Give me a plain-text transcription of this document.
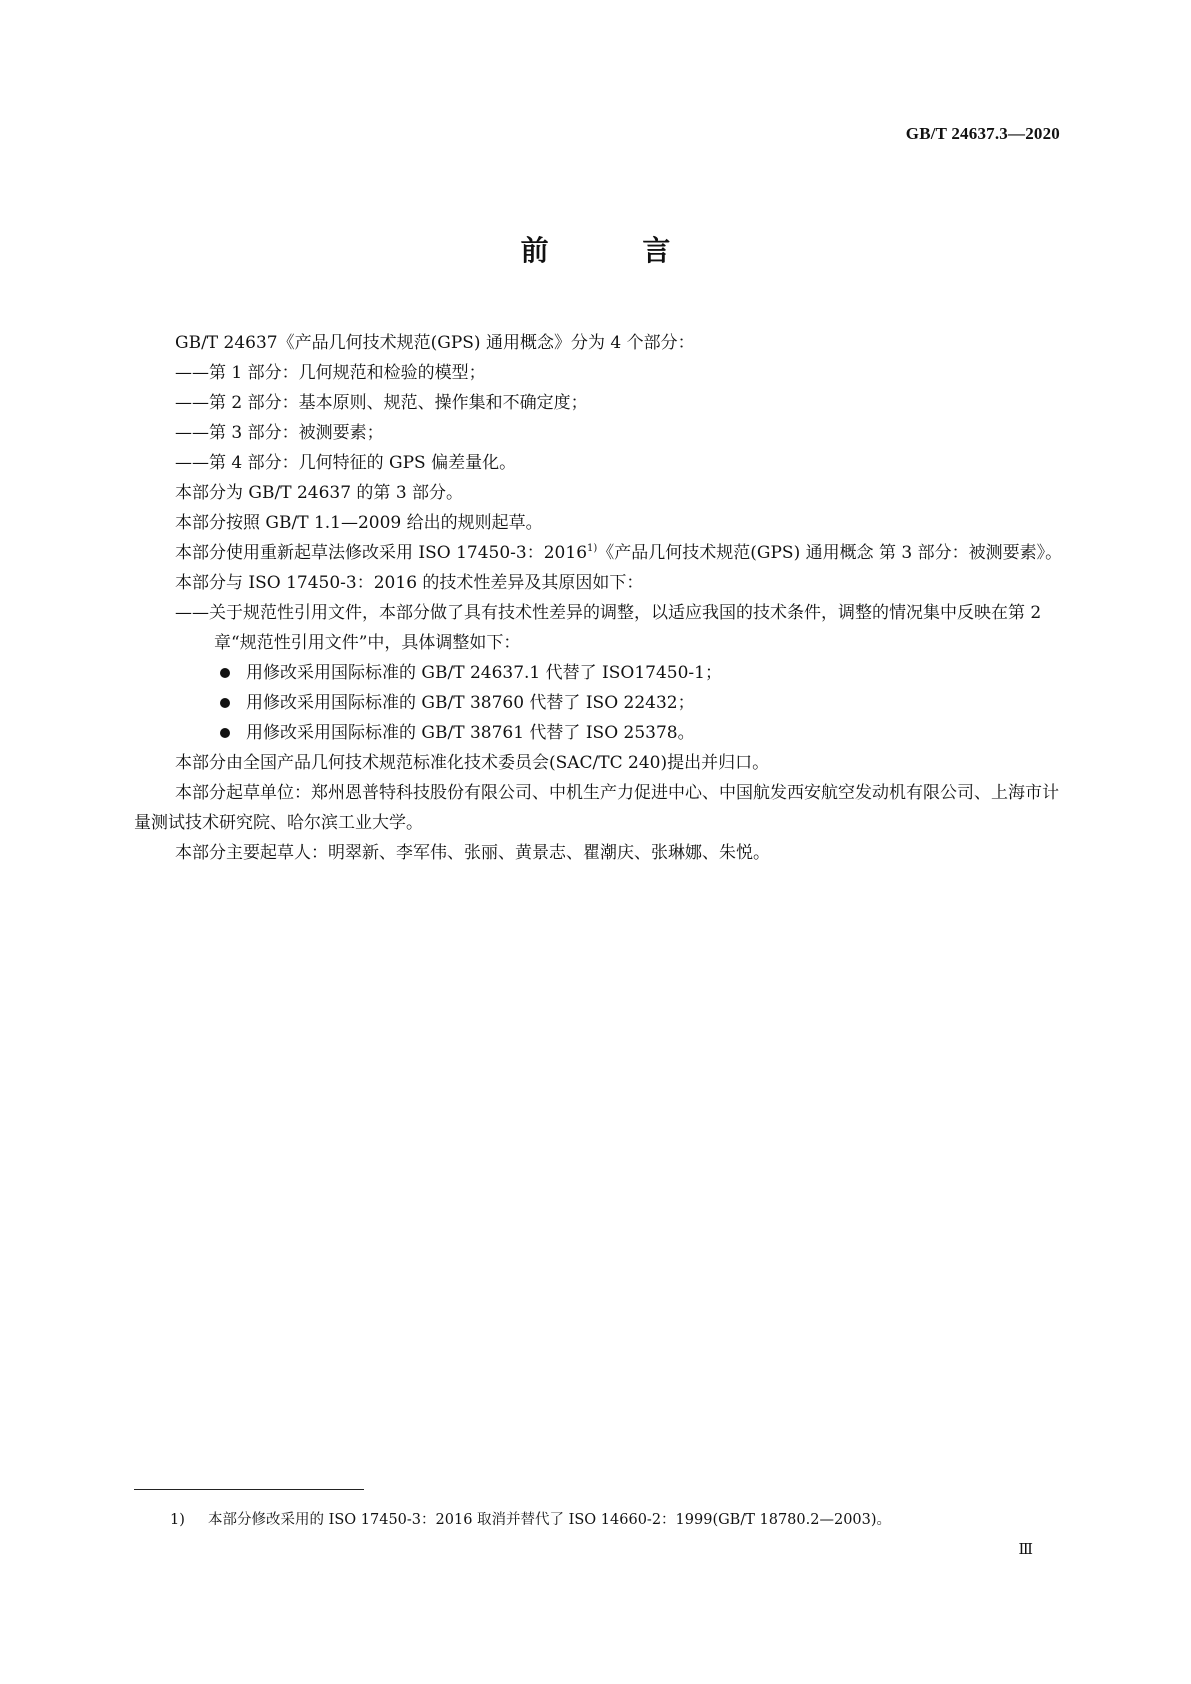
GB/T 24637.3—2020
前 言

GB/T 24637《产品几何技术规范(GPS) 通用概念》分为 4 个部分：

——第 1 部分：几何规范和检验的模型；

——第 2 部分：基本原则、规范、操作集和不确定度；

——第 3 部分：被测要素；

——第 4 部分：几何特征的 GPS 偏差量化。

本部分为 GB/T 24637 的第 3 部分。

本部分按照 GB/T 1.1—2009 给出的规则起草。

本部分使用重新起草法修改采用 ISO 17450-3：2016$^{1)}$《产品几何技术规范(GPS) 通用概念 第 3 部分：被测要素》。

本部分与 ISO 17450-3：2016 的技术性差异及其原因如下：

——关于规范性引用文件，本部分做了具有技术性差异的调整，以适应我国的技术条件，调整的情况集中反映在第 2 章“规范性引用文件”中，具体调整如下：

用修改采用国际标准的 GB/T 24637.1 代替了 ISO17450-1；

用修改采用国际标准的 GB/T 38760 代替了 ISO 22432；

用修改采用国际标准的 GB/T 38761 代替了 ISO 25378。

本部分由全国产品几何技术规范标准化技术委员会(SAC/TC 240)提出并归口。

本部分起草单位：郑州恩普特科技股份有限公司、中机生产力促进中心、中国航发西安航空发动机有限公司、上海市计量测试技术研究院、哈尔滨工业大学。

本部分主要起草人：明翠新、李军伟、张丽、黄景志、瞿潮庆、张琳娜、朱悦。

1) 本部分修改采用的 ISO 17450-3：2016 取消并替代了 ISO 14660-2：1999(GB/T 18780.2—2003)。
Ⅲ
